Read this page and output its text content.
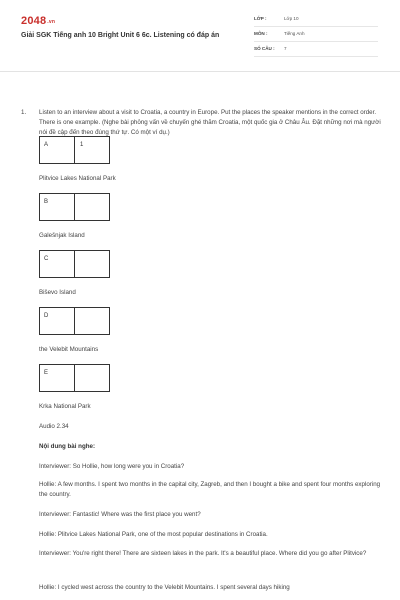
2048.vn
Giải SGK Tiếng anh 10 Bright Unit 6 6c. Listening có đáp án
LỚP :	Lớp 10
MÔN :	Tiếng Anh
SỐ CÂU : 7
1. Listen to an interview about a visit to Croatia, a country in Europe. Put the places the speaker mentions in the correct order. There is one example. (Nghe bài phỏng vấn về chuyến ghé thăm Croatia, một quốc gia ở Châu Âu. Đặt những nơi mà người nói đề cập đến theo đúng thứ tự. Có một ví dụ.)
A	1
Plitvice Lakes National Park
B
Galešnjak Island
C
Biševo Island
D
the Velebit Mountains
E
Krka National Park
Audio 2.34
Nội dung bài nghe:
Interviewer: So Hollie, how long were you in Croatia?
Hollie: A few months. I spent two months in the capital city, Zagreb, and then I bought a bike and spent four months exploring the country.
Interviewer: Fantastic! Where was the first place you went?
Hollie: Plitvice Lakes National Park, one of the most popular destinations in Croatia.
Interviewer: You're right there! There are sixteen lakes in the park. It's a beautiful place. Where did you go after Plitvice?
Hollie: I cycled west across the country to the Velebit Mountains. I spent several days hiking
